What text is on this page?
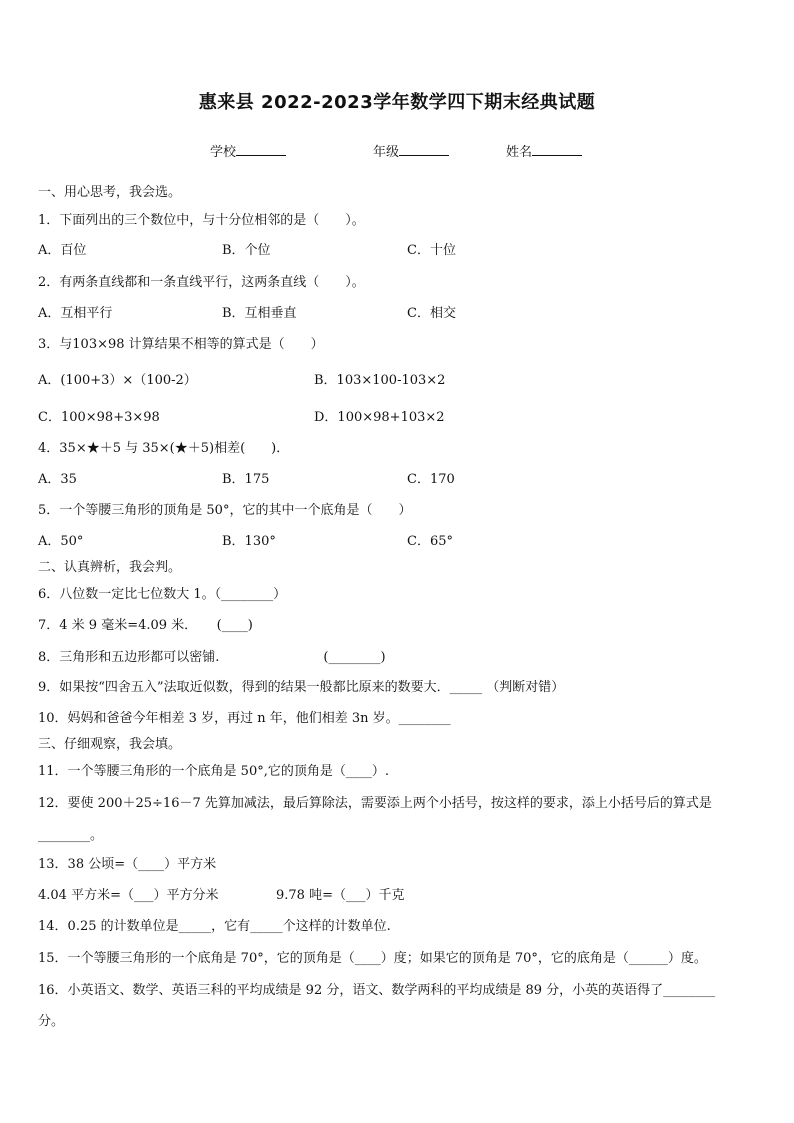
惠来县 2022-2023学年数学四下期末经典试题
学校	年级	姓名
一、用心思考，我会选。
1．下面列出的三个数位中，与十分位相邻的是（　　）。
A．百位	B．个位	C．十位
2．有两条直线都和一条直线平行，这两条直线（　　）。
A．互相平行	B．互相垂直	C．相交
3．与103×98 计算结果不相等的算式是（　　）
A．(100+3）×（100-2）	B．103×100-103×2
C．100×98+3×98	D．100×98+103×2
4．35×★＋5 与 35×(★＋5)相差(　　)．
A．35	B．175	C．170
5．一个等腰三角形的顶角是 50°，它的其中一个底角是（　　）
A．50°	B．130°	C．65°
二、认真辨析，我会判。
6．八位数一定比七位数大 1。（________）
7．4 米 9 毫米=4.09 米．　　(____)
8．三角形和五边形都可以密铺.　　　　　　　　(________)
9．如果按“四舍五入”法取近似数，得到的结果一般都比原来的数要大．_____ （判断对错）
10．妈妈和爸爸今年相差 3 岁，再过 n 年，他们相差 3n 岁。________
三、仔细观察，我会填。
11．一个等腰三角形的一个底角是 50°,它的顶角是（____）.
12．要使 200＋25÷16－7 先算加减法，最后算除法，需要添上两个小括号，按这样的要求，添上小括号后的算式是
________。
13．38 公顷=（____）平方米
4.04 平方米=（___）平方分米	9.78 吨=（___）千克
14．0.25 的计数单位是_____，它有_____个这样的计数单位.
15．一个等腰三角形的一个底角是 70°，它的顶角是（____）度；如果它的顶角是 70°，它的底角是（______）度。
16．小英语文、数学、英语三科的平均成绩是 92 分，语文、数学两科的平均成绩是 89 分，小英的英语得了________
分。
